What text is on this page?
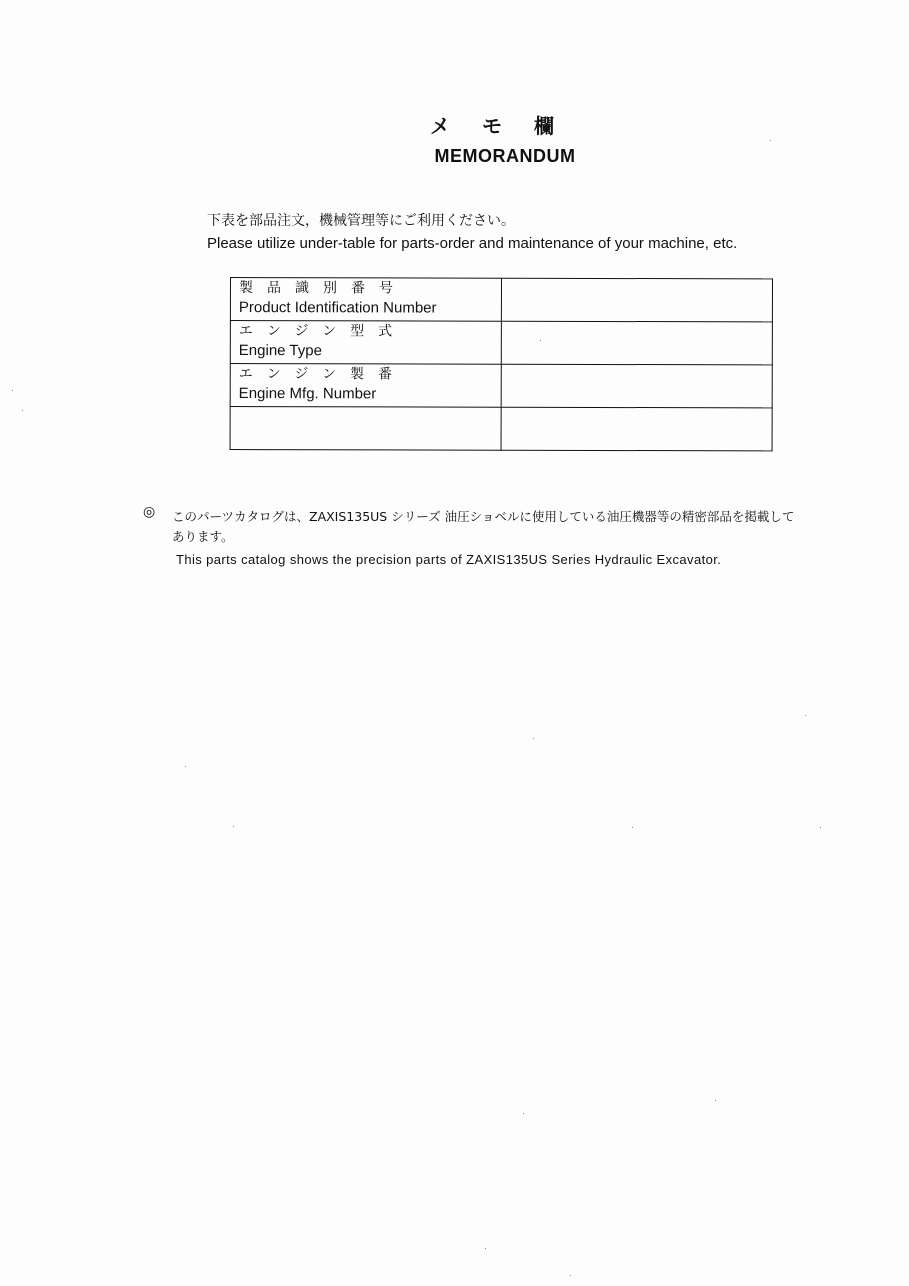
メモ欄
MEMORANDUM
下表を部品注文，機械管理等にご利用ください。
Please utilize under-table for parts-order and maintenance of your machine, etc.
製品識別番号
Product Identification Number	

エンジン型式
Engine Type	

エンジン製番
Engine Mfg. Number	

◎ このパーツカタログは、ZAXIS135US シリーズ 油圧ショベルに使用している油圧機器等の精密部品を掲載して
あります。
This parts catalog shows the precision parts of ZAXIS135US Series Hydraulic Excavator.
